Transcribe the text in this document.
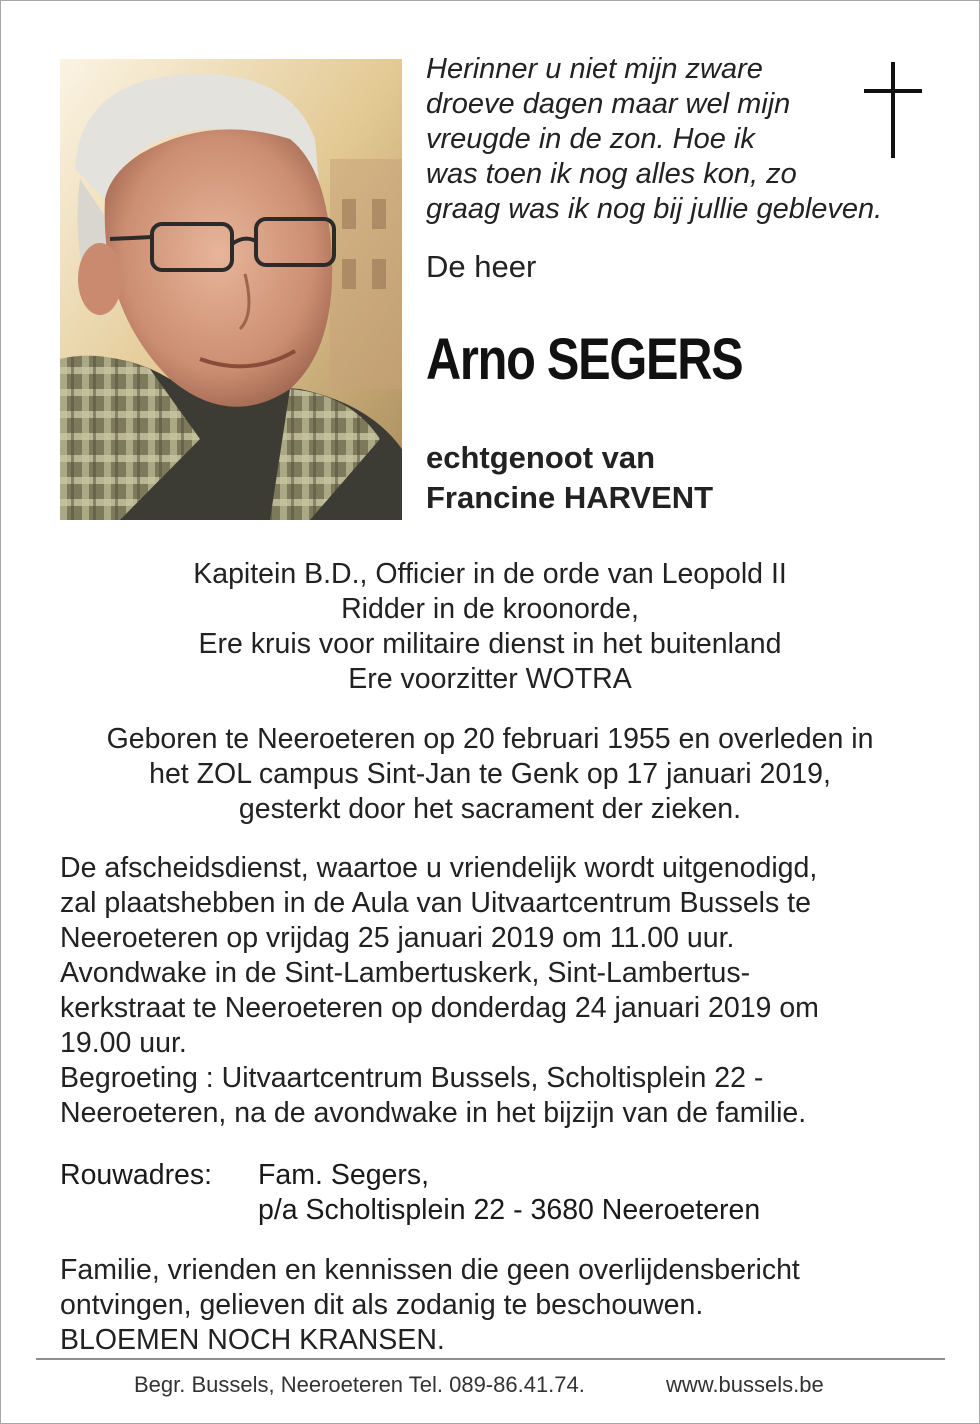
Herinner u niet mijn zware
droeve dagen maar wel mijn
vreugde in de zon. Hoe ik
was toen ik nog alles kon, zo
graag was ik nog bij jullie gebleven.
De heer
Arno SEGERS
echtgenoot van
Francine HARVENT
Kapitein B.D., Officier in de orde van Leopold II
Ridder in de kroonorde,
Ere kruis voor militaire dienst in het buitenland
Ere voorzitter WOTRA
Geboren te Neeroeteren op 20 februari 1955 en overleden in
het ZOL campus Sint-Jan te Genk op 17 januari 2019,
gesterkt door het sacrament der zieken.
De afscheidsdienst, waartoe u vriendelijk wordt uitgenodigd,
zal plaatshebben in de Aula van Uitvaartcentrum Bussels te
Neeroeteren op vrijdag 25 januari 2019 om 11.00 uur.
Avondwake in de Sint-Lambertuskerk, Sint-Lambertus-
kerkstraat te Neeroeteren op donderdag 24 januari 2019 om
19.00 uur.
Begroeting : Uitvaartcentrum Bussels, Scholtisplein 22 -
Neeroeteren, na de avondwake in het bijzijn van de familie.
Rouwadres: Fam. Segers,
p/a Scholtisplein 22 - 3680 Neeroeteren
Familie, vrienden en kennissen die geen overlijdensbericht
ontvingen, gelieven dit als zodanig te beschouwen.
BLOEMEN NOCH KRANSEN.
Begr. Bussels, Neeroeteren Tel. 089-86.41.74.	www.bussels.be
